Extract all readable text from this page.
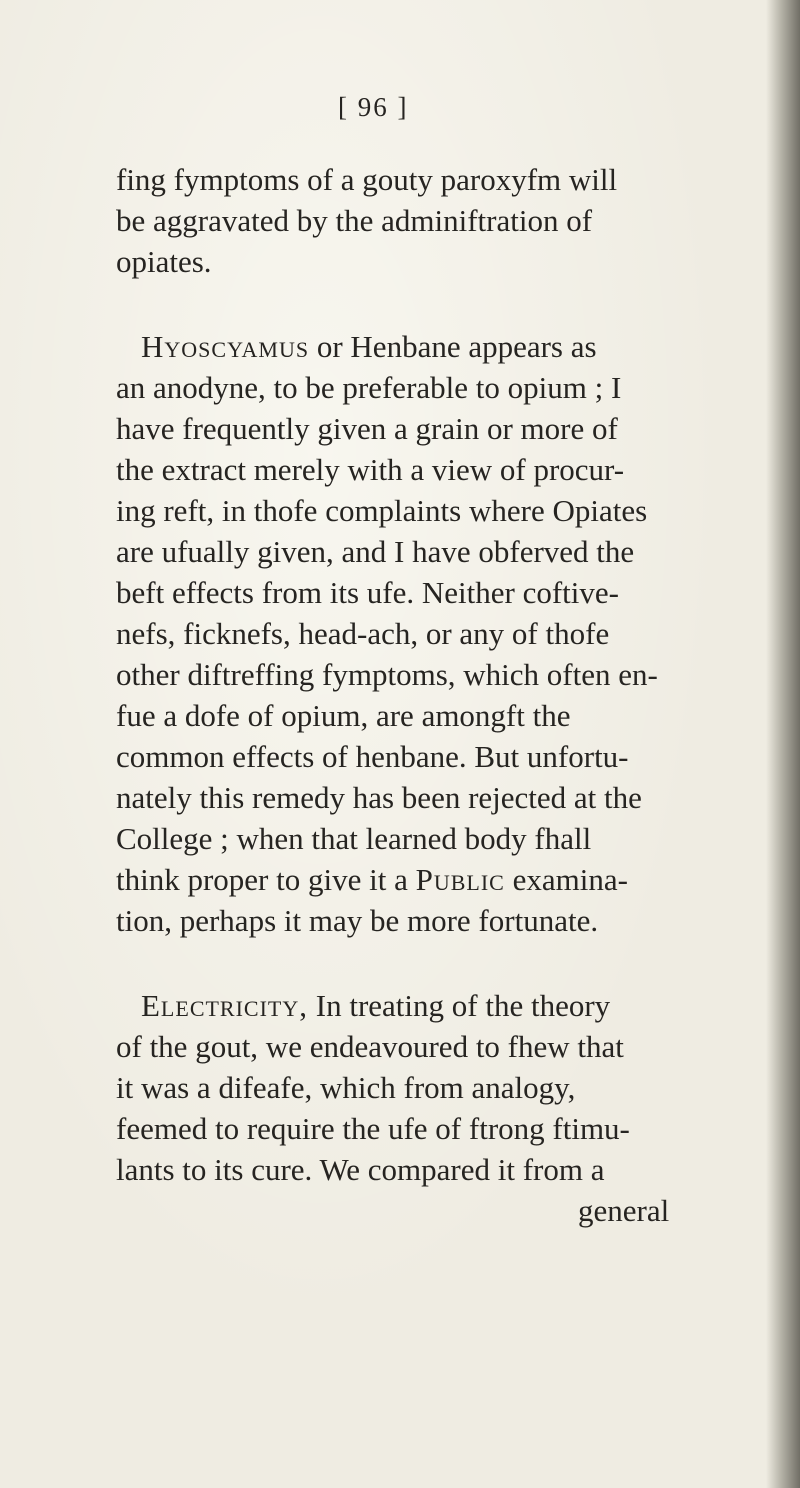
[ 96 ]
fing fymptoms of a gouty paroxyfm will
be aggravated by the adminiftration of
opiates.
Hyoscyamus or Henbane appears as
an anodyne, to be preferable to opium ; I
have frequently given a grain or more of
the extract merely with a view of procur-
ing reft, in thofe complaints where Opiates
are ufually given, and I have obferved the
beft effects from its ufe. Neither coftive-
nefs, ficknefs, head-ach, or any of thofe
other diftreffing fymptoms, which often en-
fue a dofe of opium, are amongft the
common effects of henbane. But unfortu-
nately this remedy has been rejected at the
College ; when that learned body fhall
think proper to give it a Public examina-
tion, perhaps it may be more fortunate.
Electricity, In treating of the theory
of the gout, we endeavoured to fhew that
it was a difeafe, which from analogy,
feemed to require the ufe of ftrong ftimu-
lants to its cure. We compared it from a
general
